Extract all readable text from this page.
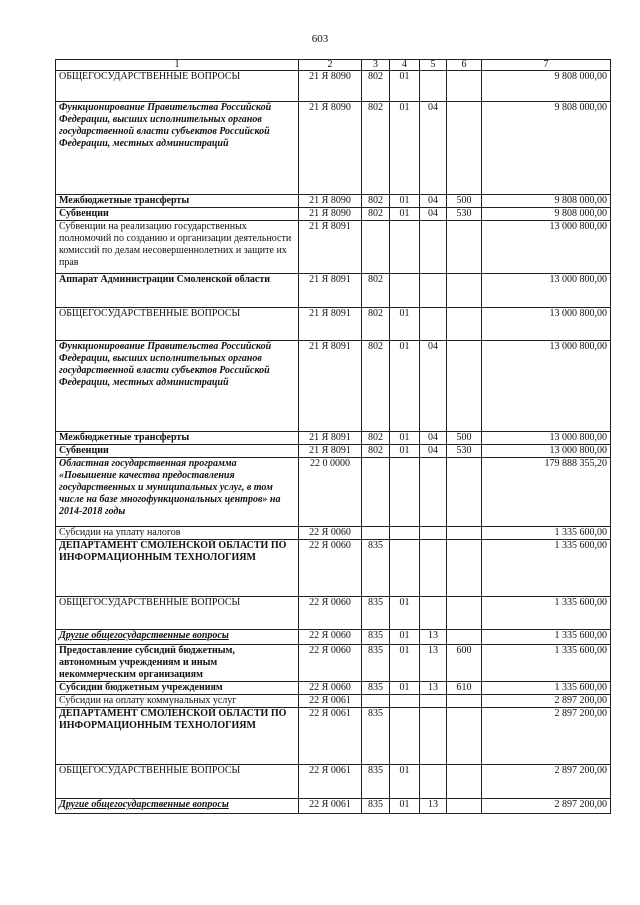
603
1	2	3	4	5	6	7
ОБЩЕГОСУДАРСТВЕННЫЕ ВОПРОСЫ	21 Я 8090	802	01			9 808 000,00
Функционирование Правительства Российской Федерации, высших исполнительных органов государственной власти субъектов Российской Федерации, местных администраций	21 Я 8090	802	01	04		9 808 000,00
Межбюджетные трансферты	21 Я 8090	802	01	04	500	9 808 000,00
Субвенции	21 Я 8090	802	01	04	530	9 808 000,00
Субвенции на реализацию государственных полномочий по созданию и организации деятельности комиссий по делам несовершеннолетних и защите их прав	21 Я 8091					13 000 800,00
Аппарат Администрации Смоленской области	21 Я 8091	802				13 000 800,00
ОБЩЕГОСУДАРСТВЕННЫЕ ВОПРОСЫ	21 Я 8091	802	01			13 000 800,00
Функционирование Правительства Российской Федерации, высших исполнительных органов государственной власти субъектов Российской Федерации, местных администраций	21 Я 8091	802	01	04		13 000 800,00
Межбюджетные трансферты	21 Я 8091	802	01	04	500	13 000 800,00
Субвенции	21 Я 8091	802	01	04	530	13 000 800,00
Областная государственная программа «Повышение качества предоставления государственных и муниципальных услуг, в том числе на базе многофункциональных центров» на 2014-2018 годы	22 0 0000					179 888 355,20
Субсидии на уплату налогов	22 Я 0060					1 335 600,00
ДЕПАРТАМЕНТ СМОЛЕНСКОЙ ОБЛАСТИ ПО ИНФОРМАЦИОННЫМ ТЕХНОЛОГИЯМ	22 Я 0060	835				1 335 600,00
ОБЩЕГОСУДАРСТВЕННЫЕ ВОПРОСЫ	22 Я 0060	835	01			1 335 600,00
Другие общегосударственные вопросы	22 Я 0060	835	01	13		1 335 600,00
Предоставление субсидий бюджетным, автономным учреждениям и иным некоммерческим организациям	22 Я 0060	835	01	13	600	1 335 600,00
Субсидии бюджетным учреждениям	22 Я 0060	835	01	13	610	1 335 600,00
Субсидии на оплату коммунальных услуг	22 Я 0061					2 897 200,00
ДЕПАРТАМЕНТ СМОЛЕНСКОЙ ОБЛАСТИ ПО ИНФОРМАЦИОННЫМ ТЕХНОЛОГИЯМ	22 Я 0061	835				2 897 200,00
ОБЩЕГОСУДАРСТВЕННЫЕ ВОПРОСЫ	22 Я 0061	835	01			2 897 200,00
Другие общегосударственные вопросы	22 Я 0061	835	01	13		2 897 200,00
